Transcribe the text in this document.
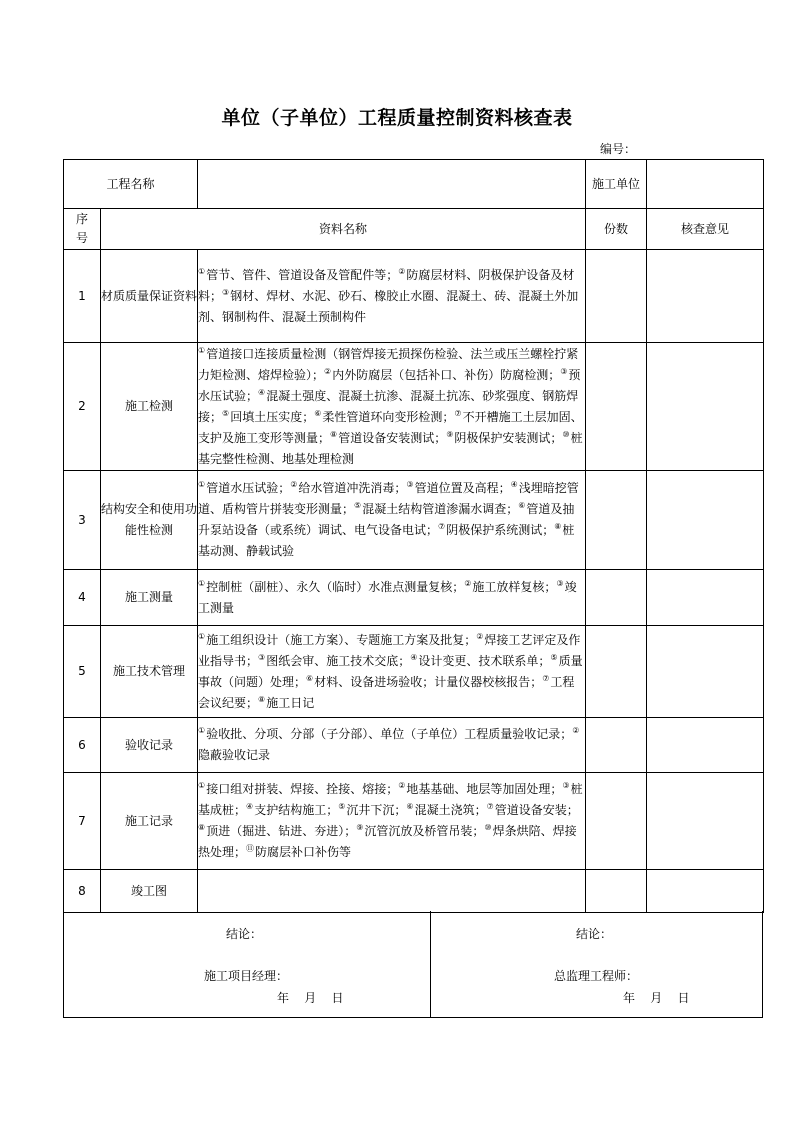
单位（子单位）工程质量控制资料核查表
编号：
工程名称			施工单位	
序号	资料名称		份数	核查意见
1	材质质量保证资料	①管节、管件、管道设备及管配件等；②防腐层材料、阴极保护设备及材料；③钢材、焊材、水泥、砂石、橡胶止水圈、混凝土、砖、混凝土外加剂、钢制构件、混凝土预制构件		
2	施工检测	①管道接口连接质量检测（钢管焊接无损探伤检验、法兰或压兰螺栓拧紧力矩检测、熔焊检验）；②内外防腐层（包括补口、补伤）防腐检测；③预水压试验；④混凝土强度、混凝土抗渗、混凝土抗冻、砂浆强度、钢筋焊接；⑤回填土压实度；⑥柔性管道环向变形检测；⑦不开槽施工土层加固、支护及施工变形等测量；⑧管道设备安装测试；⑨阴极保护安装测试；⑩桩基完整性检测、地基处理检测		
3	结构安全和使用功能性检测	①管道水压试验；②给水管道冲洗消毒；③管道位置及高程；④浅埋暗挖管道、盾构管片拼装变形测量；⑤混凝土结构管道渗漏水调查；⑥管道及抽升泵站设备（或系统）调试、电气设备电试；⑦阴极保护系统测试；⑧桩基动测、静载试验		
4	施工测量	①控制桩（副桩）、永久（临时）水准点测量复核；②施工放样复核；③竣工测量		
5	施工技术管理	①施工组织设计（施工方案）、专题施工方案及批复；②焊接工艺评定及作业指导书；③图纸会审、施工技术交底；④设计变更、技术联系单；⑤质量事故（问题）处理；⑥材料、设备进场验收；计量仪器校核报告；⑦工程会议纪要；⑧施工日记		
6	验收记录	①验收批、分项、分部（子分部）、单位（子单位）工程质量验收记录；②隐蔽验收记录		
7	施工记录	①接口组对拼装、焊接、拴接、熔接；②地基基础、地层等加固处理；③桩基成桩；④支护结构施工；⑤沉井下沉；⑥混凝土浇筑；⑦管道设备安装；⑧顶进（掘进、钻进、夯进）；⑨沉管沉放及桥管吊装；⑩焊条烘陪、焊接热处理；⑪防腐层补口补伤等		
8	竣工图			
结论：
施工项目经理：
年    月    日
结论：
总监理工程师：
年    月    日
